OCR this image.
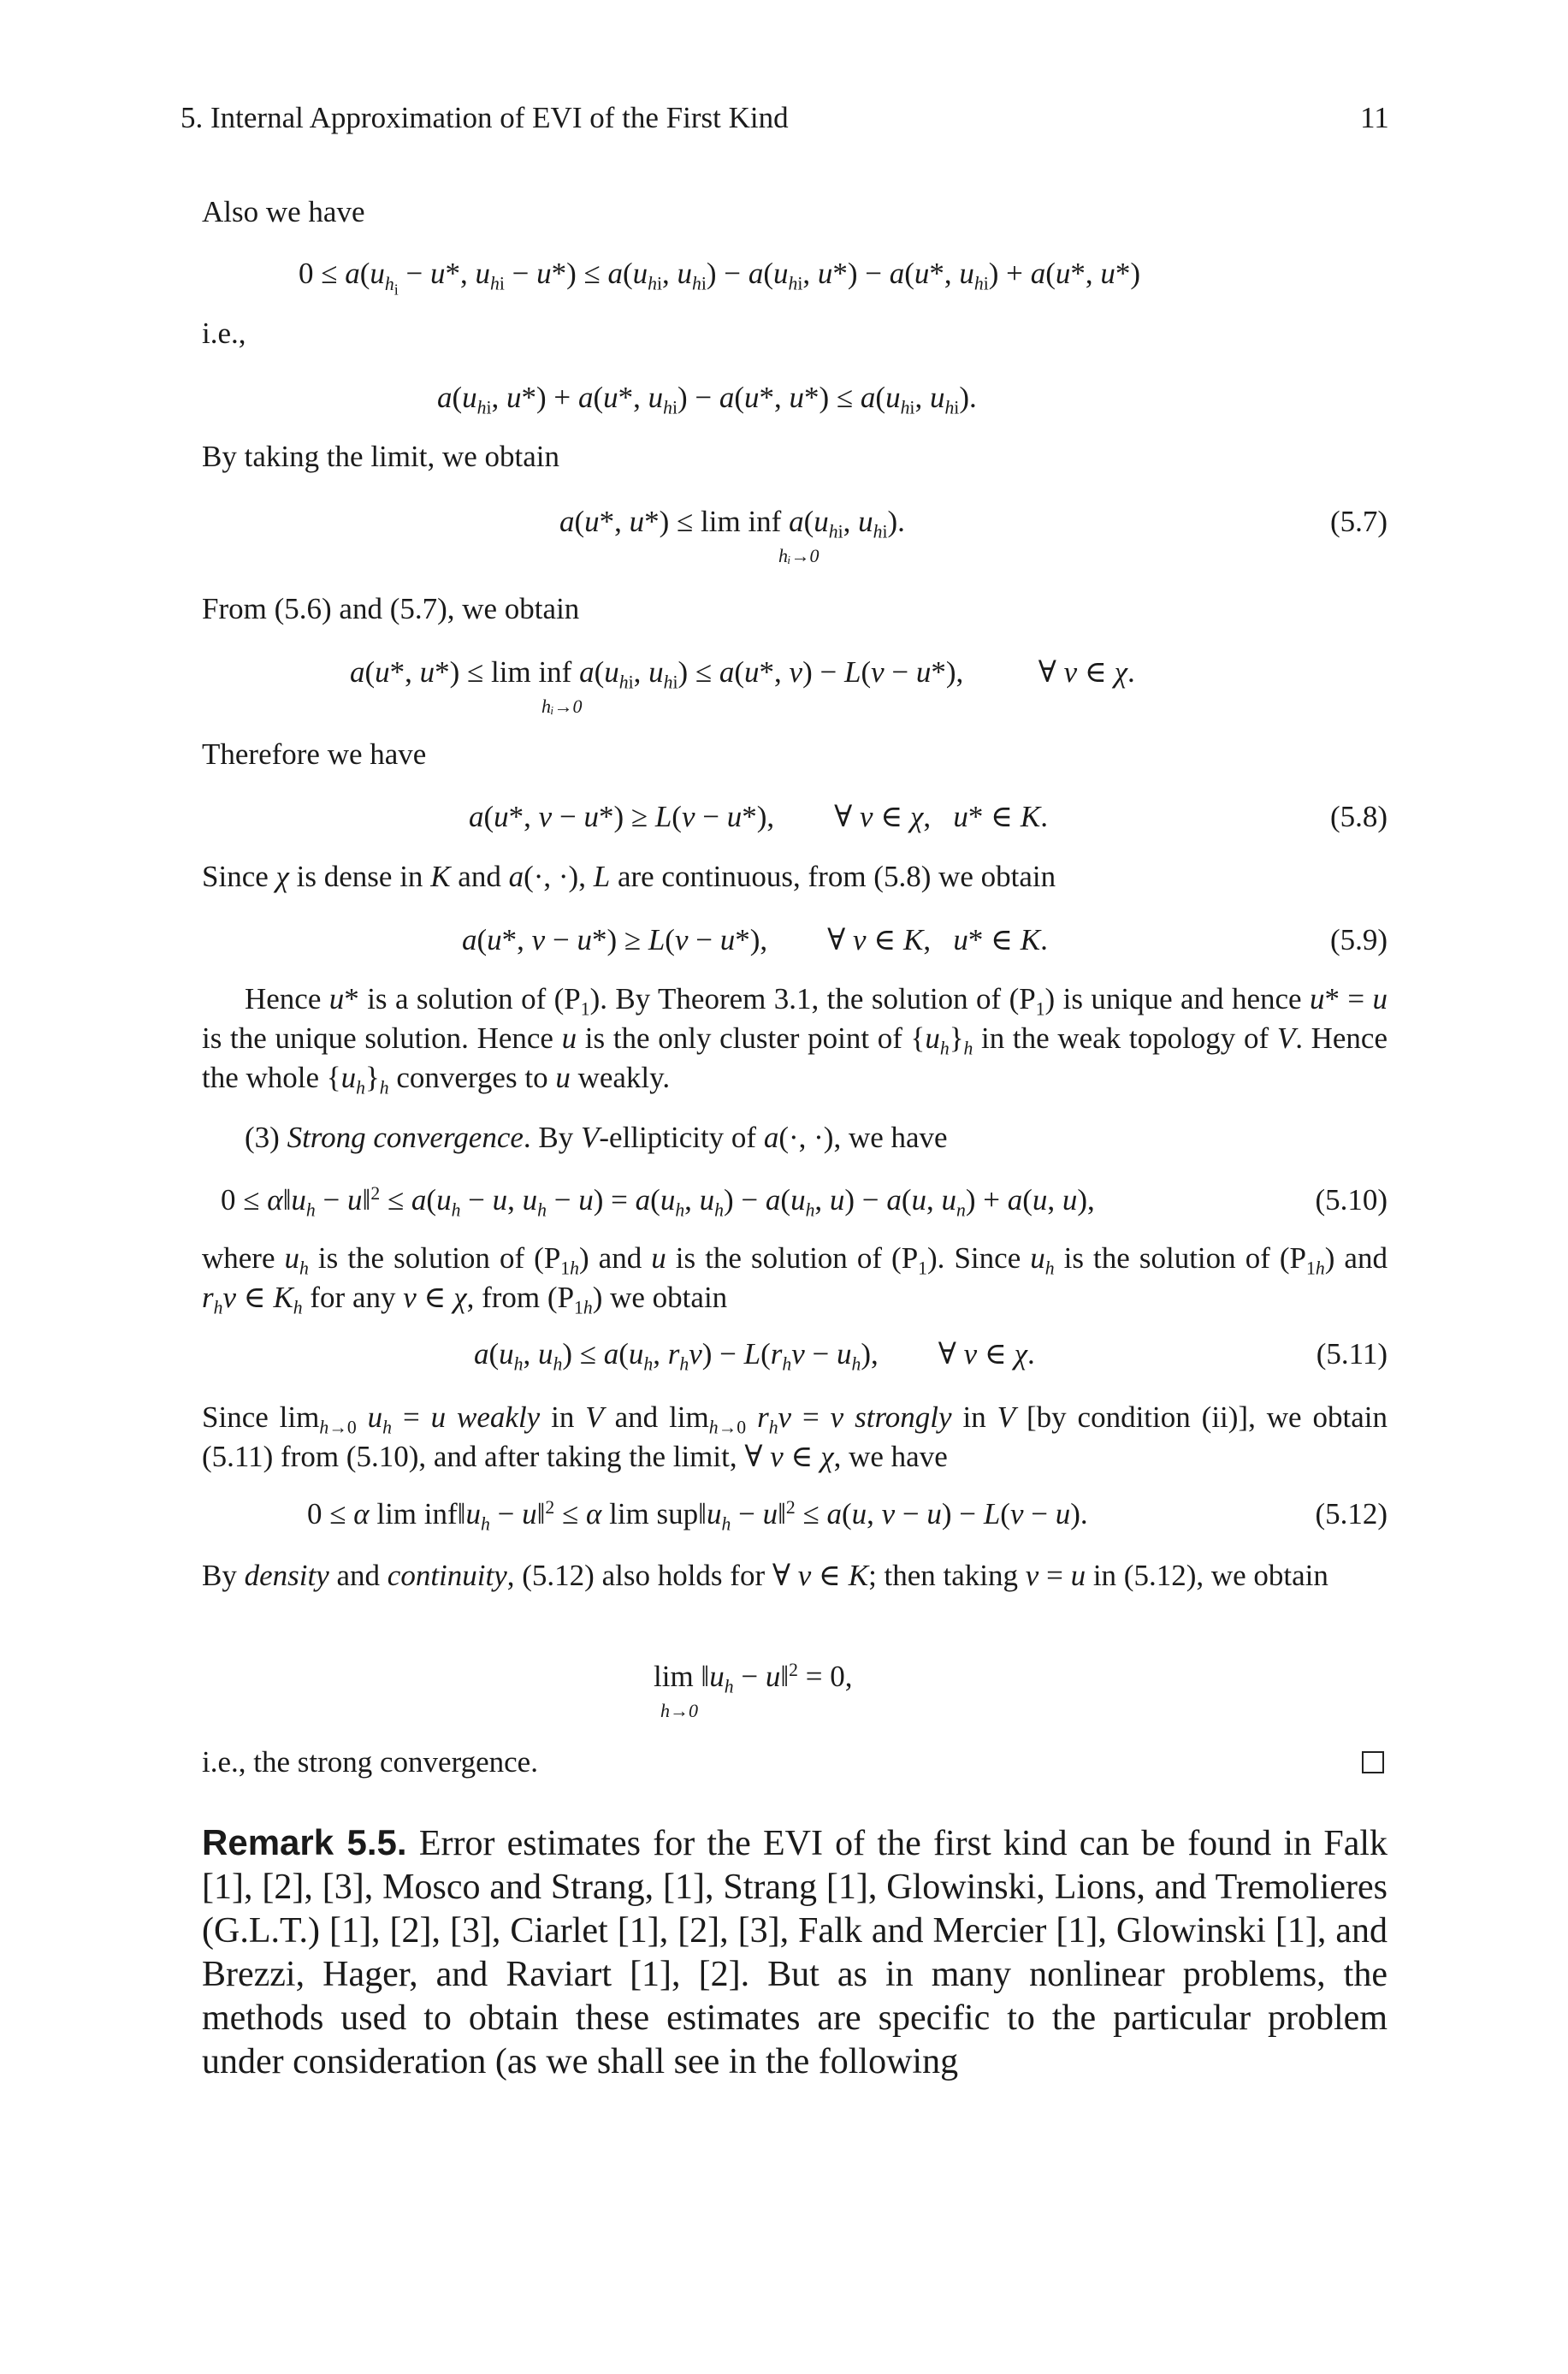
5. Internal Approximation of EVI of the First Kind	11
Also we have
$0 \le a(u_{h_i} - u*$, $u_{hi} - u*) \le a(u_{hi}$, $u_{hi}) - a(u_{hi}$, u*) − a(u*, $u_{hi}) + a(u*$, u*)
i.e.,
$a(u_{hi}$, u*) + a(u*, $u_{hi}) - a(u*$, $u*) \le a(u_{hi}$, $u_{hi}$).
By taking the limit, we obtain
a(u*, u*) ≤ lim inf $a(u_{hi}$, $u_{hi}$).
hᵢ→0
(5.7)
From (5.6) and (5.7), we obtain
a(u*, u*) ≤ lim inf $a(u_{hi}$, $u_{hi}) \le a(u*$, v) − L(v − u*),          ∀ v ∈ χ.
hᵢ→0
Therefore we have
a(u*, v − u*) ≥ L(v − u*),        ∀ v ∈ χ,   u* ∈ K.	(5.8)
Since χ is dense in K and a(·, ·), L are continuous, from (5.8) we obtain
a(u*, v − u*) ≥ L(v − u*),        ∀ v ∈ K,   u* ∈ K.	(5.9)
Hence u* is a solution of $(P_1)$. By Theorem 3.1, the solution of $(P_1)$ is unique and hence u* = u is the unique solution. Hence u is the only cluster point of $\{u_h\}_h$ in the weak topology of V. Hence the whole $\{u_h\}_h$ converges to u weakly.
(3) Strong convergence. By V-ellipticity of a(·, ·), we have
$0 \le \alpha‖u_h$ − u‖$^2$ ≤ $a(u_h - u$, $u_h - u) = a(u_h$, $u_h) - a(u_h$, u) − a(u, $u_n) + a(u$, u),	(5.10)
where $u_h$ is the solution of $(P_{1h})$ and u is the solution of $(P_1)$. Since $u_h$ is the solution of $(P_{1h})$ and $r_hv$ ∈ $K_h$ for any v ∈ χ, from $(P_{1h})$ we obtain
$a(u_h$, $u_h) \le a(u_h$, $r_hv) - L(r_hv - u_h)$,        ∀ v ∈ χ.	(5.11)
Since $\lim_{h\to 0} u_h = u$ weakly in V and $\lim_{h\to 0} r_hv = v$ strongly in V [by condition (ii)], we obtain (5.11) from (5.10), and after taking the limit, ∀ v ∈ χ, we have
0 ≤ α $\lim inf‖u_h$ − u‖$^2$ ≤ α $\lim sup‖u_h$ − u‖$^2$ ≤ a(u, v − u) − L(v − u).	(5.12)
By density and continuity, (5.12) also holds for ∀ v ∈ K; then taking v = u in (5.12), we obtain
$\lim ‖u_h$ − u‖$^2$ = 0,
h→0
i.e., the strong convergence.
Remark 5.5. Error estimates for the EVI of the first kind can be found in Falk [1], [2], [3], Mosco and Strang, [1], Strang [1], Glowinski, Lions, and Tremolieres (G.L.T.) [1], [2], [3], Ciarlet [1], [2], [3], Falk and Mercier [1], Glowinski [1], and Brezzi, Hager, and Raviart [1], [2]. But as in many nonlinear problems, the methods used to obtain these estimates are specific to the particular problem under consideration (as we shall see in the following
